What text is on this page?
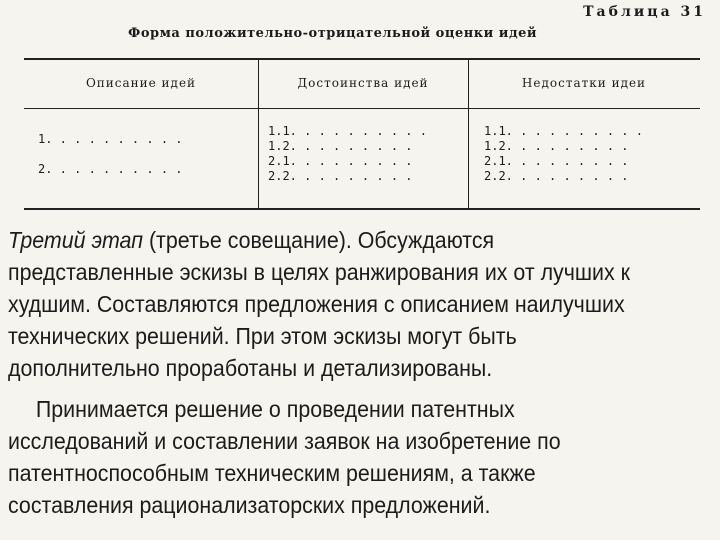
Таблица 31
Форма положительно-отрицательной оценки идей
Описание идей	Достоинства идей	Недостатки идеи
1. . . . . . . . . .
2. . . . . . . . . .
1.1. . . . . . . . . .
1.2. . . . . . . . .
2.1. . . . . . . . .
2.2. . . . . . . . .
1.1. . . . . . . . . .
1.2. . . . . . . . .
2.1. . . . . . . . .
2.2. . . . . . . . .
Третий этап (третье совещание). Обсуждаются представленные эскизы в целях ранжирования их от лучших к худшим. Составляются предложения с описанием наилучших технических решений. При этом эскизы могут быть дополнительно проработаны и детализированы.
Принимается решение о проведении патентных исследований и составлении заявок на изобретение по патентноспособным техническим решениям, а также составления рационализаторских предложений.
